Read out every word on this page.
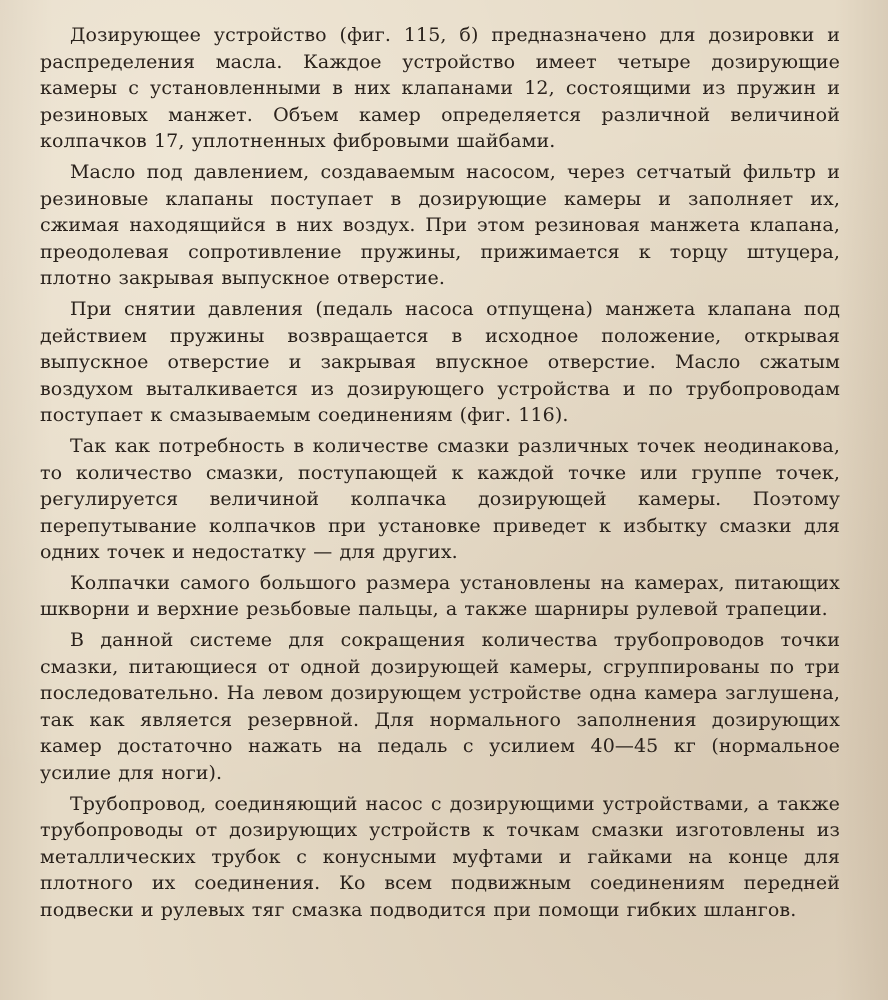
Дозирующее устройство (фиг. 115, б) предназначено для дозировки и распределения масла. Каждое устройство имеет четыре дозирующие камеры с установленными в них клапанами 12, состоящими из пружин и резиновых манжет. Объем камер определяется различной величиной колпачков 17, уплотненных фибровыми шайбами.

Масло под давлением, создаваемым насосом, через сетчатый фильтр и резиновые клапаны поступает в дозирующие камеры и заполняет их, сжимая находящийся в них воздух. При этом резиновая манжета клапана, преодолевая сопротивление пружины, прижимается к торцу штуцера, плотно закрывая выпускное отверстие.

При снятии давления (педаль насоса отпущена) манжета клапана под действием пружины возвращается в исходное положение, открывая выпускное отверстие и закрывая впускное отверстие. Масло сжатым воздухом выталкивается из дозирующего устройства и по трубопроводам поступает к смазываемым соединениям (фиг. 116).

Так как потребность в количестве смазки различных точек неодинакова, то количество смазки, поступающей к каждой точке или группе точек, регулируется величиной колпачка дозирующей камеры. Поэтому перепутывание колпачков при установке приведет к избытку смазки для одних точек и недостатку — для других.

Колпачки самого большого размера установлены на камерах, питающих шкворни и верхние резьбовые пальцы, а также шарниры рулевой трапеции.

В данной системе для сокращения количества трубопроводов точки смазки, питающиеся от одной дозирующей камеры, сгруппированы по три последовательно. На левом дозирующем устройстве одна камера заглушена, так как является резервной. Для нормального заполнения дозирующих камер достаточно нажать на педаль с усилием 40—45 кг (нормальное усилие для ноги).

Трубопровод, соединяющий насос с дозирующими устройствами, а также трубопроводы от дозирующих устройств к точкам смазки изготовлены из металлических трубок с конусными муфтами и гайками на конце для плотного их соединения. Ко всем подвижным соединениям передней подвески и рулевых тяг смазка подводится при помощи гибких шлангов.
